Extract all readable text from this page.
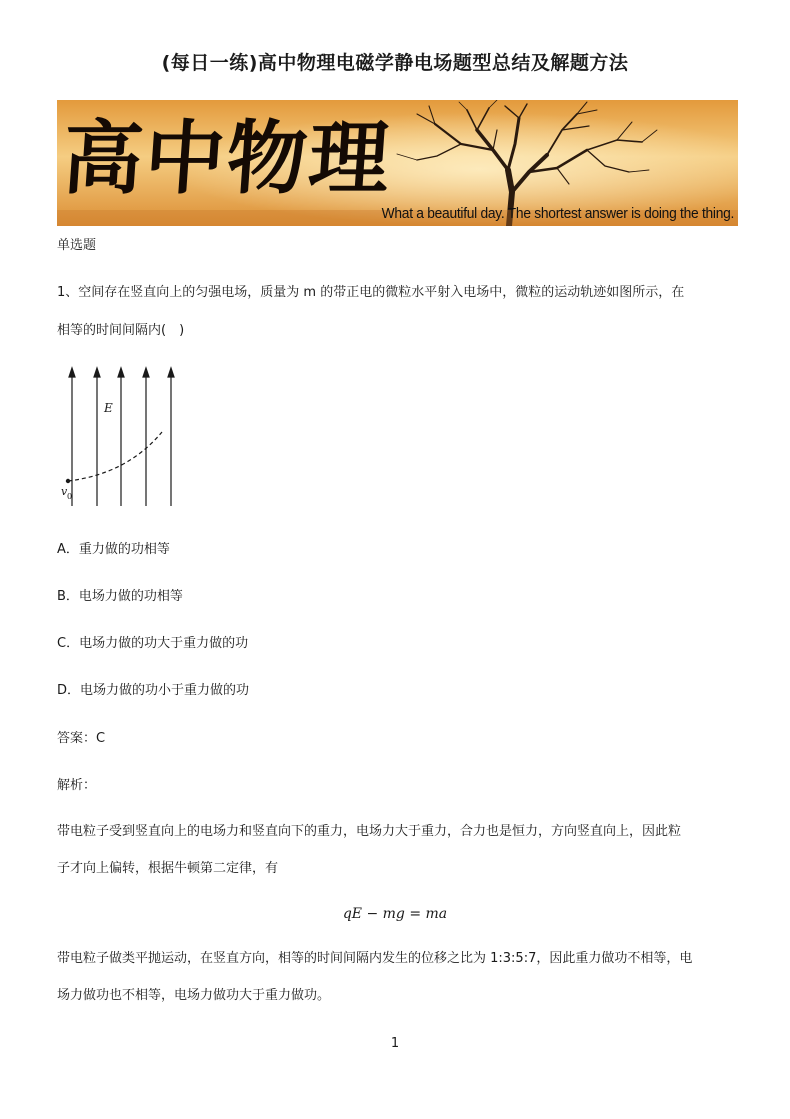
(每日一练)高中物理电磁学静电场题型总结及解题方法
高中物理
What a beautiful day. The shortest answer is doing the thing.
单选题
1、空间存在竖直向上的匀强电场，质量为 m 的带正电的微粒水平射入电场中，微粒的运动轨迹如图所示，在
相等的时间间隔内(　)
E
v 0
A．重力做的功相等
B．电场力做的功相等
C．电场力做的功大于重力做的功
D．电场力做的功小于重力做的功
答案：C
解析：
带电粒子受到竖直向上的电场力和竖直向下的重力，电场力大于重力，合力也是恒力，方向竖直向上，因此粒
子才向上偏转，根据牛顿第二定律，有
qE − mg = ma
带电粒子做类平抛运动，在竖直方向，相等的时间间隔内发生的位移之比为 1:3:5:7，因此重力做功不相等，电
场力做功也不相等，电场力做功大于重力做功。
1
